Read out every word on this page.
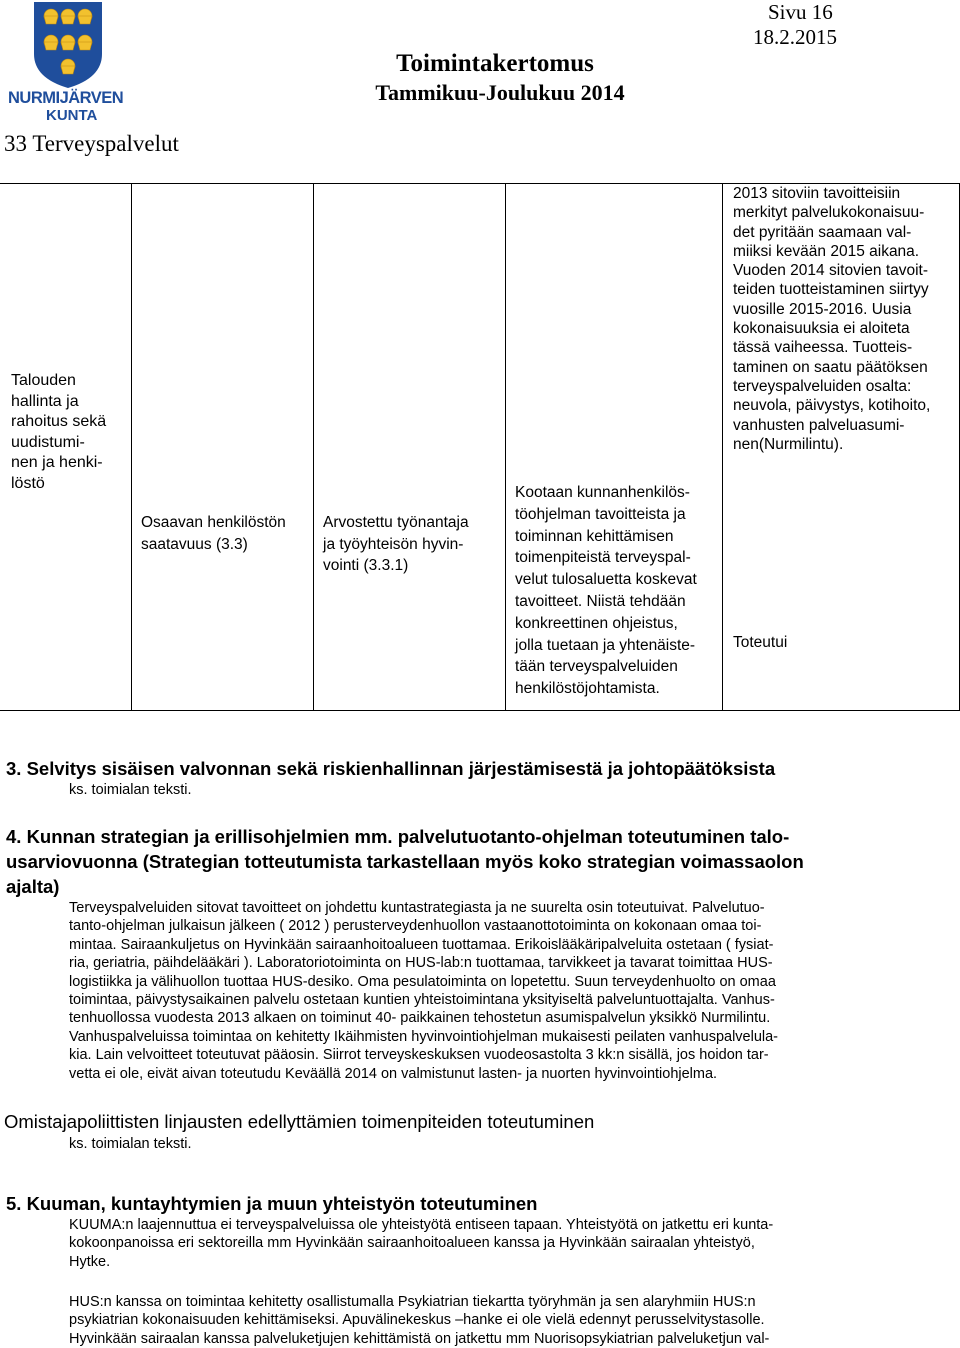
NURMIJÄRVEN
KUNTA
Sivu 16
18.2.2015
Toimintakertomus
Tammikuu-Joulukuu 2014
33 Terveyspalvelut
Talouden
hallinta ja
rahoitus sekä
uudistumi-
nen ja henki-
löstö
Osaavan henkilöstön
saatavuus (3.3)
Arvostettu työnantaja
ja työyhteisön hyvin-
vointi (3.3.1)
Kootaan kunnanhenkilös-
töohjelman tavoitteista ja
toiminnan kehittämisen
toimenpiteistä terveyspal-
velut tulosaluetta koskevat
tavoitteet. Niistä tehdään
konkreettinen ohjeistus,
jolla tuetaan ja yhtenäiste-
tään terveyspalveluiden
henkilöstöjohtamista.
2013 sitoviin tavoitteisiin
merkityt palvelukokonaisuu-
det pyritään saamaan val-
miiksi kevään 2015 aikana.
Vuoden 2014 sitovien tavoit-
teiden tuotteistaminen siirtyy
vuosille 2015-2016. Uusia
kokonaisuuksia ei aloiteta
tässä vaiheessa. Tuotteis-
taminen on saatu päätöksen
terveyspalveluiden osalta:
neuvola, päivystys, kotihoito,
vanhusten palveluasumi-
nen(Nurmilintu).
Toteutui
3. Selvitys sisäisen valvonnan sekä riskienhallinnan järjestämisestä ja johtopäätöksista
ks. toimialan teksti.
4. Kunnan strategian ja erillisohjelmien mm. palvelutuotanto-ohjelman toteutuminen talo-
usarviovuonna (Strategian totteutumista tarkastellaan myös koko strategian voimassaolon
ajalta)
Terveyspalveluiden sitovat tavoitteet on johdettu kuntastrategiasta ja ne suurelta osin toteutuivat. Palvelutuo-
tanto-ohjelman julkaisun jälkeen ( 2012 ) perusterveydenhuollon vastaanottotoiminta on kokonaan omaa toi-
mintaa. Sairaankuljetus on Hyvinkään sairaanhoitoalueen tuottamaa. Erikoislääkäripalveluita ostetaan ( fysiat-
ria, geriatria, päihdelääkäri ). Laboratoriotoiminta on HUS-lab:n tuottamaa, tarvikkeet ja tavarat toimittaa HUS-
logistiikka ja välihuollon tuottaa HUS-desiko. Oma pesulatoiminta on lopetettu. Suun terveydenhuolto on omaa
toimintaa, päivystysaikainen palvelu ostetaan kuntien yhteistoimintana yksityiseltä palveluntuottajalta. Vanhus-
tenhuollossa vuodesta 2013 alkaen on toiminut 40- paikkainen tehostetun asumispalvelun yksikkö Nurmilintu.
Vanhuspalveluissa toimintaa on kehitetty Ikäihmisten hyvinvointiohjelman mukaisesti peilaten vanhuspalvelula-
kia. Lain velvoitteet toteutuvat pääosin. Siirrot terveyskeskuksen vuodeosastolta 3 kk:n sisällä, jos hoidon tar-
vetta ei ole, eivät aivan toteutudu Keväällä 2014 on valmistunut lasten- ja nuorten hyvinvointiohjelma.
Omistajapoliittisten linjausten edellyttämien toimenpiteiden toteutuminen
ks. toimialan teksti.
5. Kuuman, kuntayhtymien ja muun yhteistyön toteutuminen
KUUMA:n laajennuttua ei terveyspalveluissa ole yhteistyötä entiseen tapaan. Yhteistyötä on jatkettu eri kunta-
kokoonpanoissa eri sektoreilla mm Hyvinkään sairaanhoitoalueen kanssa ja Hyvinkään sairaalan yhteistyö,
Hytke.
HUS:n kanssa on toimintaa kehitetty osallistumalla Psykiatrian tiekartta työryhmän ja sen alaryhmiin HUS:n
psykiatrian kokonaisuuden kehittämiseksi. Apuvälinekeskus –hanke ei ole vielä edennyt perusselvitystasolle.
Hyvinkään sairaalan kanssa palveluketjujen kehittämistä on jatkettu mm Nuorisopsykiatrian palveluketjun val-
